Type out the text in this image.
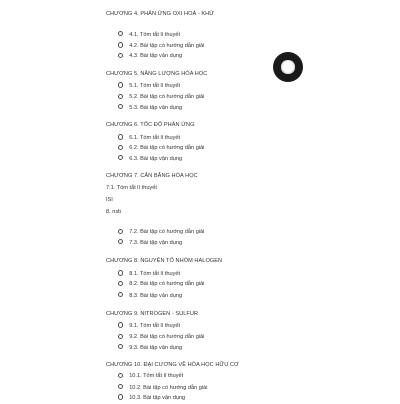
CHƯƠNG 4. PHẢN ỨNG OXI HOÁ - KHỬ
4.1. Tóm tắt lí thuyết
4.2. Bài tập có hướng dẫn giải
4.3. Bài tập vận dụng
CHƯƠNG 5. NĂNG LƯỢNG HÓA HỌC
5.1. Tóm tắt lí thuyết
5.2. Bài tập có hướng dẫn giải
5.3. Bài tập vận dụng
CHƯƠNG 6. TỐC ĐỘ PHẢN ỨNG
6.1. Tóm tắt lí thuyết
6.2. Bài tập có hướng dẫn giải
6.3. Bài tập vận dụng
CHƯƠNG 7. CÂN BẰNG HÓA HỌC
7.1. Tóm tắt lí thuyết
ISI
8. nsb
7.2. Bài tập có hướng dẫn giải
7.3. Bài tập vận dụng
CHƯƠNG 8. NGUYÊN TỐ NHÓM HALOGEN
8.1. Tóm tắt lí thuyết
8.2. Bài tập có hướng dẫn giải
8.3. Bài tập vận dụng
CHƯƠNG 9. NITROGEN - SULFUR
9.1. Tóm tắt lí thuyết
9.2. Bài tập có hướng dẫn giải
9.3. Bài tập vận dụng
CHƯƠNG 10. ĐẠI CƯƠNG VỀ HÓA HỌC HỮU CƠ
10.1. Tóm tắt lí thuyết
10.2. Bài tập có hướng dẫn giải
10.3. Bài tập vận dụng
